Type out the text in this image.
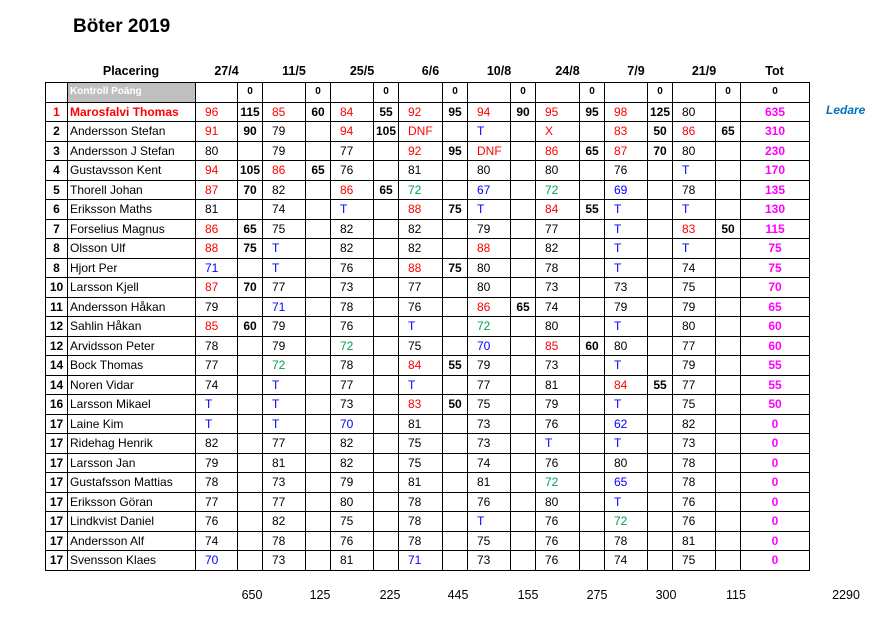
Böter 2019
Placering	27/4	11/5	25/5	6/6	10/8	24/8	7/9	21/9	Tot
	Kontroll Poäng		0		0		0		0		0		0		0		0	0
1	Marosfalvi Thomas	96	115	85	60	84	55	92	95	94	90	95	95	98	125	80		635
2	Andersson Stefan	91	90	79		94	105	DNF		T		X		83	50	86	65	310
3	Andersson J Stefan	80		79		77		92	95	DNF		86	65	87	70	80		230
4	Gustavsson Kent	94	105	86	65	76		81		80		80		76		T		170
5	Thorell Johan	87	70	82		86	65	72		67		72		69		78		135
6	Eriksson Maths	81		74		T		88	75	T		84	55	T		T		130
7	Forselius Magnus	86	65	75		82		82		79		77		T		83	50	115
8	Olsson Ulf	88	75	T		82		82		88		82		T		T		75
8	Hjort Per	71		T		76		88	75	80		78		T		74		75
10	Larsson Kjell	87	70	77		73		77		80		73		73		75		70
11	Andersson Håkan	79		71		78		76		86	65	74		79		79		65
12	Sahlin Håkan	85	60	79		76		T		72		80		T		80		60
12	Arvidsson Peter	78		79		72		75		70		85	60	80		77		60
14	Bock Thomas	77		72		78		84	55	79		73		T		79		55
14	Noren Vidar	74		T		77		T		77		81		84	55	77		55
16	Larsson Mikael	T		T		73		83	50	75		79		T		75		50
17	Laine Kim	T		T		70		81		73		76		62		82		0
17	Ridehag Henrik	82		77		82		75		73		T		T		73		0
17	Larsson Jan	79		81		82		75		74		76		80		78		0
17	Gustafsson Mattias	78		73		79		81		81		72		65		78		0
17	Eriksson Göran	77		77		80		78		76		80		T		76		0
17	Lindkvist Daniel	76		82		75		78		T		76		72		76		0
17	Andersson Alf	74		78		76		78		75		76		78		81		0
17	Svensson Klaes	70		73		81		71		73		76		74		75		0
Ledare
650	125	225	445	155	275	300	115	2290
